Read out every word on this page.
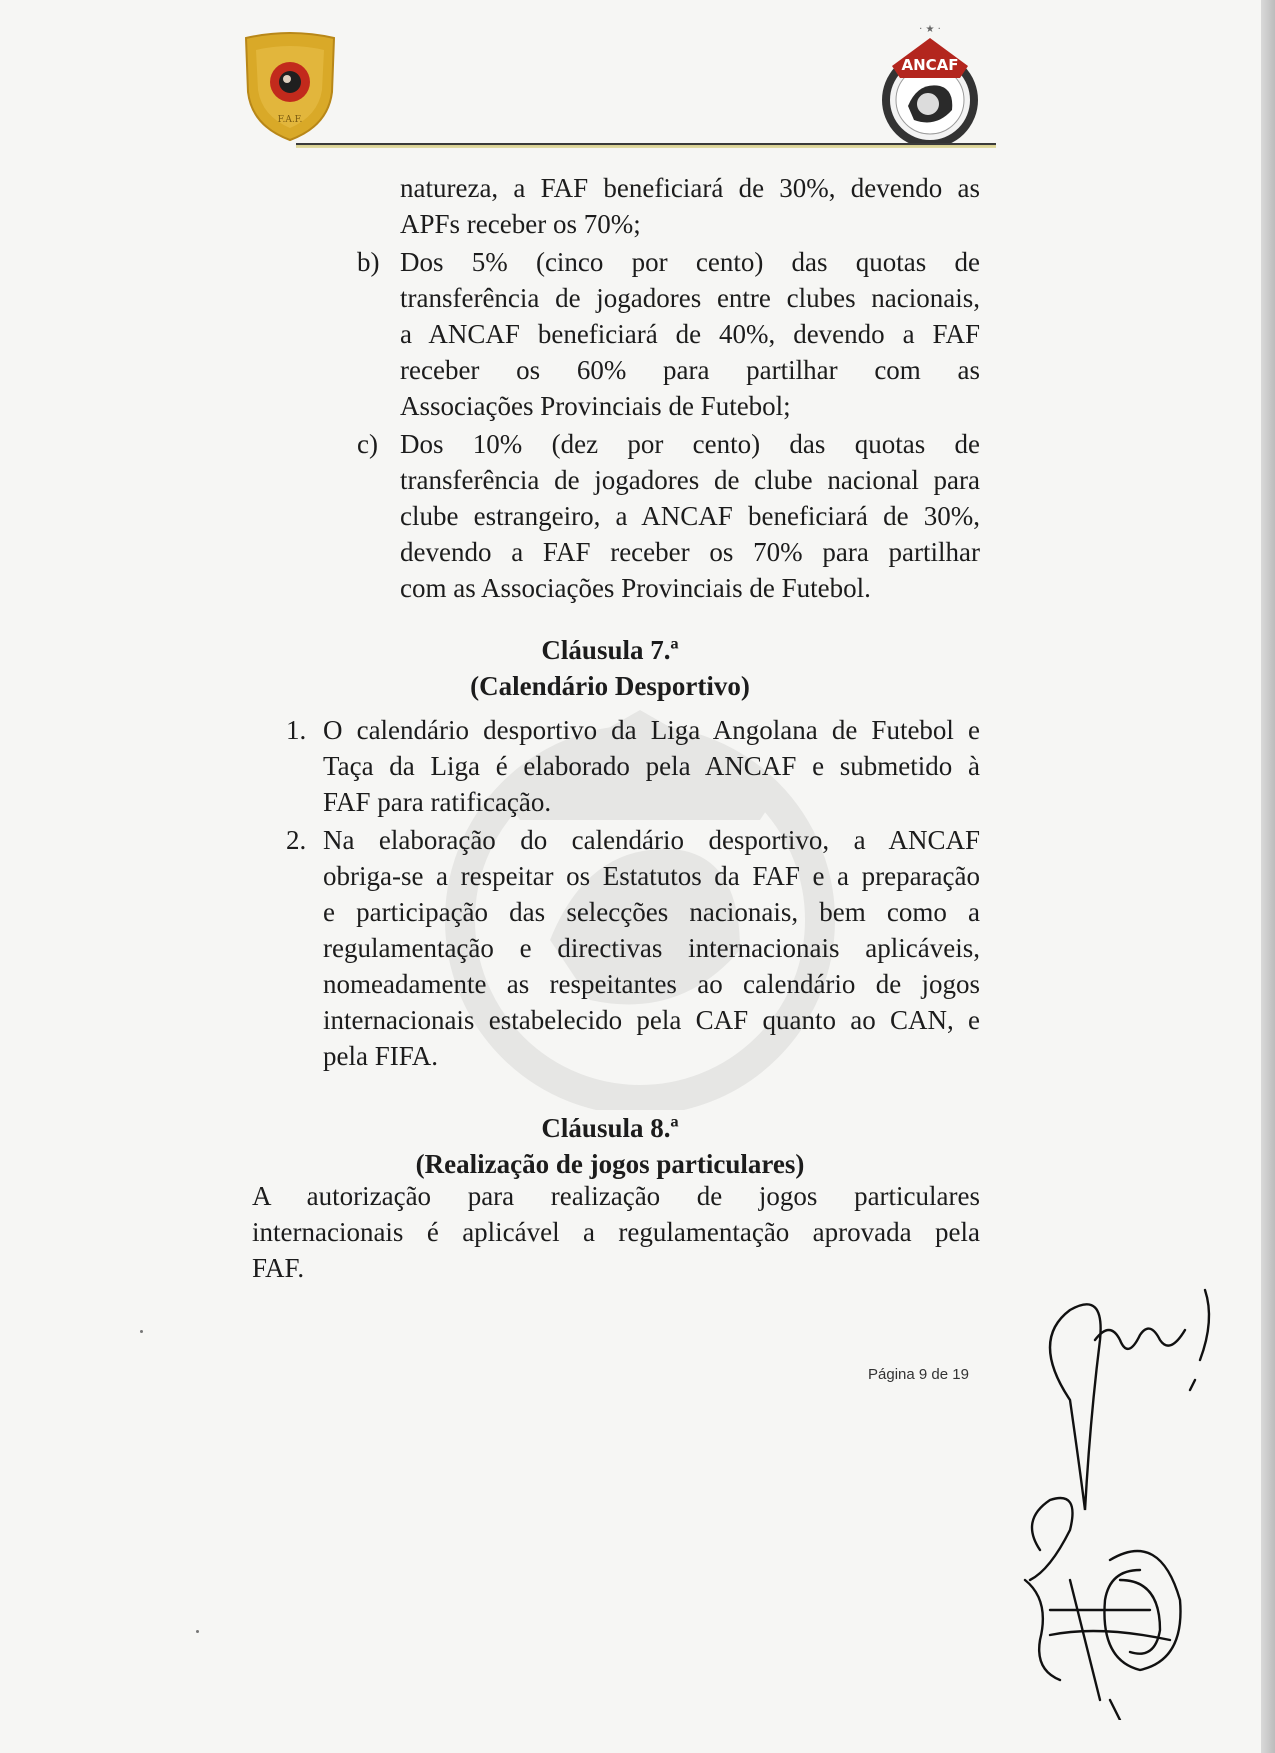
F.A.F.
· ★ ·
ANCAF

natureza, a FAF beneficiará de 30%, devendo as

APFs receber os 70%;

b) Dos 5% (cinco por cento) das quotas de

transferência de jogadores entre clubes nacionais,

a ANCAF beneficiará de 40%, devendo a FAF

receber os 60% para partilhar com as

Associações Provinciais de Futebol;

c) Dos 10% (dez por cento) das quotas de

transferência de jogadores de clube nacional para

clube estrangeiro, a ANCAF beneficiará de 30%,

devendo a FAF receber os 70% para partilhar

com as Associações Provinciais de Futebol.

Cláusula 7.ª
(Calendário Desportivo)
1. O calendário desportivo da Liga Angolana de Futebol e

Taça da Liga é elaborado pela ANCAF e submetido à

FAF para ratificação.

2. Na elaboração do calendário desportivo, a ANCAF

obriga-se a respeitar os Estatutos da FAF e a preparação

e participação das selecções nacionais, bem como a

regulamentação e directivas internacionais aplicáveis,

nomeadamente as respeitantes ao calendário de jogos

internacionais estabelecido pela CAF quanto ao CAN, e

pela FIFA.

Cláusula 8.ª
(Realização de jogos particulares)

A autorização para realização de jogos particulares

internacionais é aplicável a regulamentação aprovada pela

FAF.

Página 9 de 19
